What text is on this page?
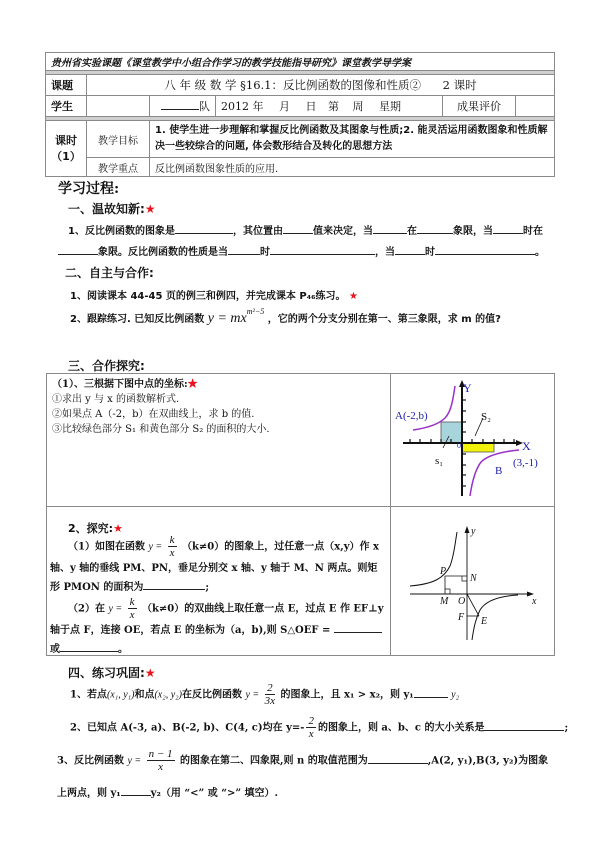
贵州省实验课题《课堂教学中小组合作学习的教学技能指导研究》课堂教学导学案					

课题	八 年 级 数 学 §16.1：反比例函数的图像和性质② 2 课时				
学生		队	2012 年 月 日 第 周 星期	成果评价	

课时
（1）	教学目标	1. 使学生进一步理解和掌握反比例函数及其图象与性质;2. 能灵活运用函数图象和性质解决一些较综合的问题, 体会数形结合及转化的思想方法			
	教学重点	反比例函数图象性质的应用.			
学习过程:
一、温故知新:★
1、反比例函数的图象是	，其位置由	值来决定，当	在	象限，当	时在
象限。反比例函数的性质是当	时	，当	时	。
二、自主与合作:
1、阅读课本 44-45 页的例三和例四，并完成课本 P₄₆练习。 ★
2、跟踪练习. 已知反比例函数 $y = mx^{m^2-5}$ ，它的两个分支分别在第一、第三象限，求 m 的值?
三、合作探究:
（1）、三根据下图中点的坐标:★
①求出 y 与 x 的函数解析式.
②如果点 A（-2，b）在双曲线上，求 b 的值.
③比较绿色部分 S₁ 和黄色部分 S₂ 的面积的大小.
Y
A(-2,b)	S₂
0	X
(3,-1)
B
s₁
2、探究:★
（1）如图在函数 $y = \frac{k}{x} (k\ne 0)$的图象上，过任意一点（x,y）作 x
轴、y 轴的垂线 PM、PN，垂足分别交 x 轴、y 轴于 M、N 两点。则矩
形 PMON 的面积为	;
（2）在 $y = \frac{k}{x} (k\ne 0)$的双曲线上取任意一点 E，过点 E 作 EF⊥y
轴于点 F，连接 OE，若点 E 的坐标为（a，b),则 S△OEF =
或	。
y
P
N
M O	x
F E
四、练习巩固:★
1、若点(x₁, y₁)和点(x₂, y₂)在反比例函数 $y = \frac{2}{3x}$ 的图象上，且 x₁ > x₂，则 y₁	y₂
2、已知点 A(-3, a)、B(-2, b)、C(4, c)均在 $y=- \frac{2}{x}$ 的图象上，则 a、b、c 的大小关系是	;
3、反比例函数 $y = \frac{n - 1}{x}$ 的图象在第二、四象限,则 n 的取值范围为	,A(2, y₁),B(3, y₂)为图象
上两点，则 y₁	y₂（用 “<” 或 “>” 填空）.
